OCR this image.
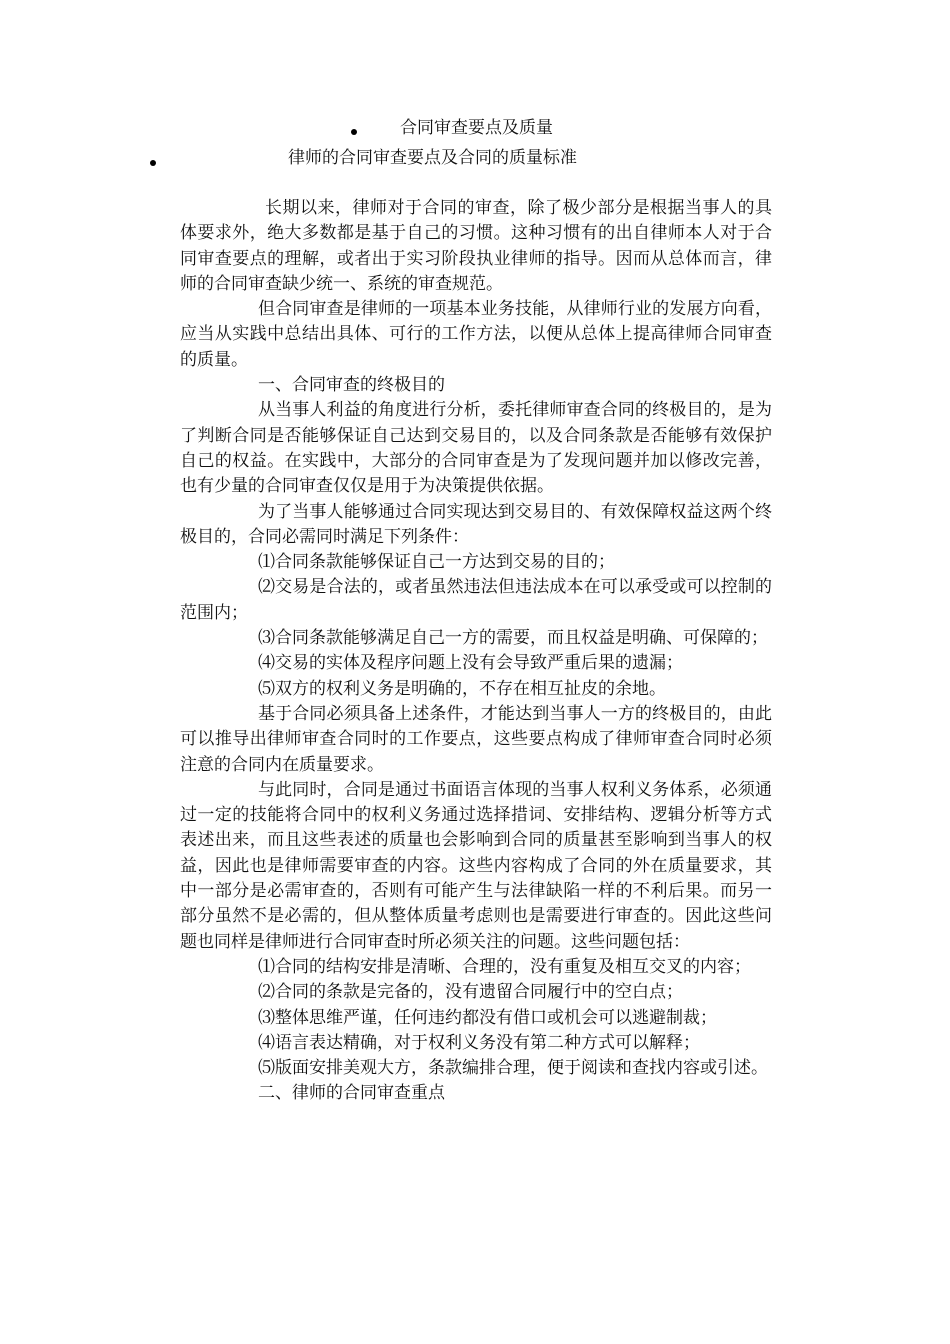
合同审查要点及质量
律师的合同审查要点及合同的质量标准

长期以来，律师对于合同的审查，除了极少部分是根据当事人的具体要求外，绝大多数都是基于自己的习惯。这种习惯有的出自律师本人对于合同审查要点的理解，或者出于实习阶段执业律师的指导。因而从总体而言，律师的合同审查缺少统一、系统的审查规范。

但合同审查是律师的一项基本业务技能，从律师行业的发展方向看，应当从实践中总结出具体、可行的工作方法，以便从总体上提高律师合同审查的质量。

一、合同审查的终极目的

从当事人利益的角度进行分析，委托律师审查合同的终极目的，是为了判断合同是否能够保证自己达到交易目的，以及合同条款是否能够有效保护自己的权益。在实践中，大部分的合同审查是为了发现问题并加以修改完善，也有少量的合同审查仅仅是用于为决策提供依据。

为了当事人能够通过合同实现达到交易目的、有效保障权益这两个终极目的，合同必需同时满足下列条件：

⑴合同条款能够保证自己一方达到交易的目的；

⑵交易是合法的，或者虽然违法但违法成本在可以承受或可以控制的范围内；

⑶合同条款能够满足自己一方的需要，而且权益是明确、可保障的；

⑷交易的实体及程序问题上没有会导致严重后果的遗漏；

⑸双方的权利义务是明确的，不存在相互扯皮的余地。

基于合同必须具备上述条件，才能达到当事人一方的终极目的，由此可以推导出律师审查合同时的工作要点，这些要点构成了律师审查合同时必须注意的合同内在质量要求。

与此同时，合同是通过书面语言体现的当事人权利义务体系，必须通过一定的技能将合同中的权利义务通过选择措词、安排结构、逻辑分析等方式表述出来，而且这些表述的质量也会影响到合同的质量甚至影响到当事人的权益，因此也是律师需要审查的内容。这些内容构成了合同的外在质量要求，其中一部分是必需审查的，否则有可能产生与法律缺陷一样的不利后果。而另一部分虽然不是必需的，但从整体质量考虑则也是需要进行审查的。因此这些问题也同样是律师进行合同审查时所必须关注的问题。这些问题包括：

⑴合同的结构安排是清晰、合理的，没有重复及相互交叉的内容；

⑵合同的条款是完备的，没有遗留合同履行中的空白点；

⑶整体思维严谨，任何违约都没有借口或机会可以逃避制裁；

⑷语言表达精确，对于权利义务没有第二种方式可以解释；

⑸版面安排美观大方，条款编排合理，便于阅读和查找内容或引述。

二、律师的合同审查重点
